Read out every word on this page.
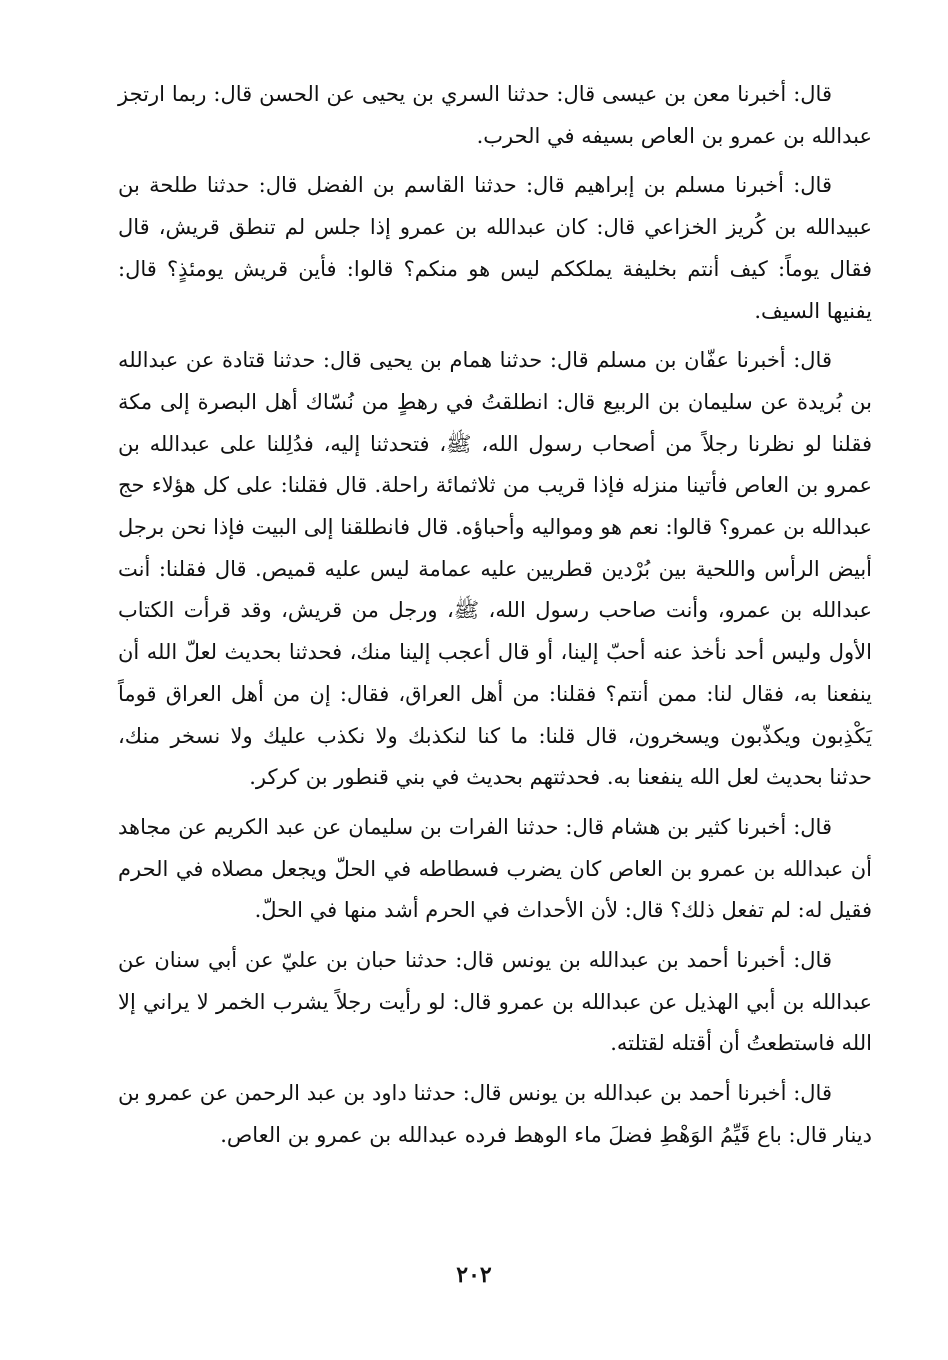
قال: أخبرنا معن بن عيسى قال: حدثنا السري بن يحيى عن الحسن قال: ربما ارتجز عبدالله بن عمرو بن العاص بسيفه في الحرب.

قال: أخبرنا مسلم بن إبراهيم قال: حدثنا القاسم بن الفضل قال: حدثنا طلحة بن عبيدالله بن كُريز الخزاعي قال: كان عبدالله بن عمرو إذا جلس لم تنطق قريش، قال فقال يوماً: كيف أنتم بخليفة يملككم ليس هو منكم؟ قالوا: فأين قريش يومئذٍ؟ قال: يفنيها السيف.

قال: أخبرنا عفّان بن مسلم قال: حدثنا همام بن يحيى قال: حدثنا قتادة عن عبدالله بن بُريدة عن سليمان بن الربيع قال: انطلقتُ في رهطٍ من نُسّاك أهل البصرة إلى مكة فقلنا لو نظرنا رجلاً من أصحاب رسول الله، ﷺ، فتحدثنا إليه، فدُلِلنا على عبدالله بن عمرو بن العاص فأتينا منزله فإذا قريب من ثلاثمائة راحلة. قال فقلنا: على كل هؤلاء حج عبدالله بن عمرو؟ قالوا: نعم هو ومواليه وأحباؤه. قال فانطلقنا إلى البيت فإذا نحن برجل أبيض الرأس واللحية بين بُرْدين قطريين عليه عمامة ليس عليه قميص. قال فقلنا: أنت عبدالله بن عمرو، وأنت صاحب رسول الله، ﷺ، ورجل من قريش، وقد قرأت الكتاب الأول وليس أحد نأخذ عنه أحبّ إلينا، أو قال أعجب إلينا منك، فحدثنا بحديث لعلّ الله أن ينفعنا به، فقال لنا: ممن أنتم؟ فقلنا: من أهل العراق، فقال: إن من أهل العراق قوماً يَكْذِبون ويكذّبون ويسخرون، قال قلنا: ما كنا لنكذبك ولا نكذب عليك ولا نسخر منك، حدثنا بحديث لعل الله ينفعنا به. فحدثتهم بحديث في بني قنطور بن كركر.

قال: أخبرنا كثير بن هشام قال: حدثنا الفرات بن سليمان عن عبد الكريم عن مجاهد أن عبدالله بن عمرو بن العاص كان يضرب فسطاطه في الحلّ ويجعل مصلاه في الحرم فقيل له: لم تفعل ذلك؟ قال: لأن الأحداث في الحرم أشد منها في الحلّ.

قال: أخبرنا أحمد بن عبدالله بن يونس قال: حدثنا حبان بن عليّ عن أبي سنان عن عبدالله بن أبي الهذيل عن عبدالله بن عمرو قال: لو رأيت رجلاً يشرب الخمر لا يراني إلا الله فاستطعتُ أن أقتله لقتلته.

قال: أخبرنا أحمد بن عبدالله بن يونس قال: حدثنا داود بن عبد الرحمن عن عمرو بن دينار قال: باع قَيِّمُ الوَهْطِ فضلَ ماء الوهط فرده عبدالله بن عمرو بن العاص.

٢٠٢
